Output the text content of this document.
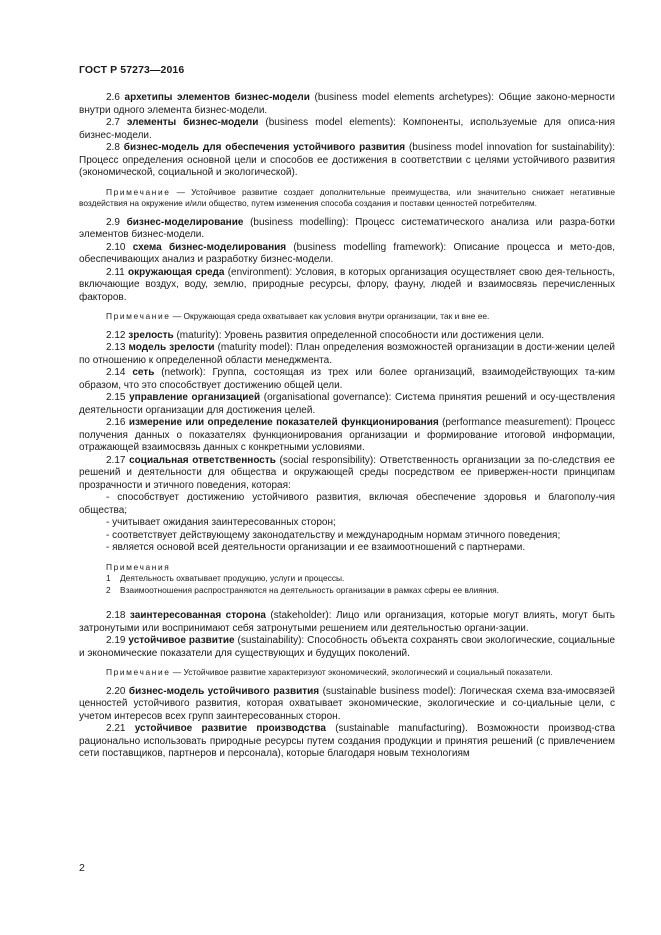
ГОСТ Р 57273—2016

2.6 архетипы элементов бизнес-модели (business model elements archetypes): Общие законо-мерности внутри одного элемента бизнес-модели.

2.7 элементы бизнес-модели (business model elements): Компоненты, используемые для описа-ния бизнес-модели.

2.8 бизнес-модель для обеспечения устойчивого развития (business model innovation for sustainability): Процесс определения основной цели и способов ее достижения в соответствии с целями устойчивого развития (экономической, социальной и экологической).

Примечание — Устойчивое развитие создает дополнительные преимущества, или значительно снижает негативные воздействия на окружение и/или общество, путем изменения способа создания и поставки ценностей потребителям.

2.9 бизнес-моделирование (business modelling): Процесс систематического анализа или разра-ботки элементов бизнес-модели.

2.10 схема бизнес-моделирования (business modelling framework): Описание процесса и мето-дов, обеспечивающих анализ и разработку бизнес-модели.

2.11 окружающая среда (environment): Условия, в которых организация осуществляет свою дея-тельность, включающие воздух, воду, землю, природные ресурсы, флору, фауну, людей и взаимосвязь перечисленных факторов.

Примечание — Окружающая среда охватывает как условия внутри организации, так и вне ее.

2.12 зрелость (maturity): Уровень развития определенной способности или достижения цели.

2.13 модель зрелости (maturity model): План определения возможностей организации в дости-жении целей по отношению к определенной области менеджмента.

2.14 сеть (network): Группа, состоящая из трех или более организаций, взаимодействующих та-ким образом, что это способствует достижению общей цели.

2.15 управление организацией (organisational governance): Система принятия решений и осу-ществления деятельности организации для достижения целей.

2.16 измерение или определение показателей функционирования (performance measurement): Процесс получения данных о показателях функционирования организации и формирование итоговой информации, отражающей взаимосвязь данных с конкретными условиями.

2.17 социальная ответственность (social responsibility): Ответственность организации за по-следствия ее решений и деятельности для общества и окружающей среды посредством ее привержен-ности принципам прозрачности и этичного поведения, которая:

- способствует достижению устойчивого развития, включая обеспечение здоровья и благополу-чия общества;

- учитывает ожидания заинтересованных сторон;

- соответствует действующему законодательству и международным нормам этичного поведения;

- является основой всей деятельности организации и ее взаимоотношений с партнерами.

Примечания

1 Деятельность охватывает продукцию, услуги и процессы.

2 Взаимоотношения распространяются на деятельность организации в рамках сферы ее влияния.

2.18 заинтересованная сторона (stakeholder): Лицо или организация, которые могут влиять, могут быть затронутыми или воспринимают себя затронутыми решением или деятельностью органи-зации.

2.19 устойчивое развитие (sustainability): Способность объекта сохранять свои экологические, социальные и экономические показатели для существующих и будущих поколений.

Примечание — Устойчивое развитие характеризуют экономический, экологический и социальный показатели.

2.20 бизнес-модель устойчивого развития (sustainable business model): Логическая схема вза-имосвязей ценностей устойчивого развития, которая охватывает экономические, экологические и со-циальные цели, с учетом интересов всех групп заинтересованных сторон.

2.21 устойчивое развитие производства (sustainable manufacturing). Возможности производ-ства рационально использовать природные ресурсы путем создания продукции и принятия решений (с привлечением сети поставщиков, партнеров и персонала), которые благодаря новым технологиям

2
